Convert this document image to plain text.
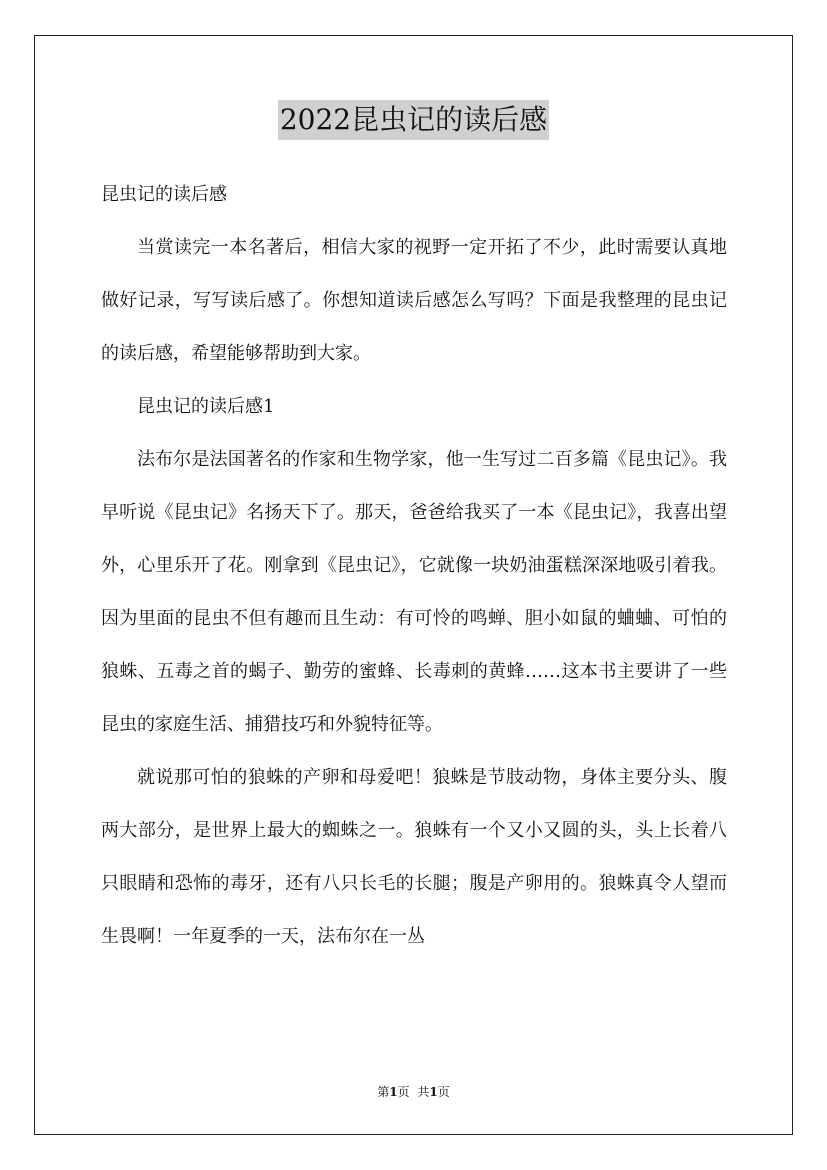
2022昆虫记的读后感

昆虫记的读后感

当赏读完一本名著后，相信大家的视野一定开拓了不少，此时需要认真地做好记录，写写读后感了。你想知道读后感怎么写吗？下面是我整理的昆虫记的读后感，希望能够帮助到大家。

昆虫记的读后感1

法布尔是法国著名的作家和生物学家，他一生写过二百多篇《昆虫记》。我早听说《昆虫记》名扬天下了。那天，爸爸给我买了一本《昆虫记》，我喜出望外，心里乐开了花。刚拿到《昆虫记》，它就像一块奶油蛋糕深深地吸引着我。因为里面的昆虫不但有趣而且生动：有可怜的鸣蝉、胆小如鼠的蛐蛐、可怕的狼蛛、五毒之首的蝎子、勤劳的蜜蜂、长毒刺的黄蜂……这本书主要讲了一些昆虫的家庭生活、捕猎技巧和外貌特征等。

就说那可怕的狼蛛的产卵和母爱吧！狼蛛是节肢动物，身体主要分头、腹两大部分，是世界上最大的蜘蛛之一。狼蛛有一个又小又圆的头，头上长着八只眼睛和恐怖的毒牙，还有八只长毛的长腿；腹是产卵用的。狼蛛真令人望而生畏啊！一年夏季的一天，法布尔在一丛

第1页 共1页
